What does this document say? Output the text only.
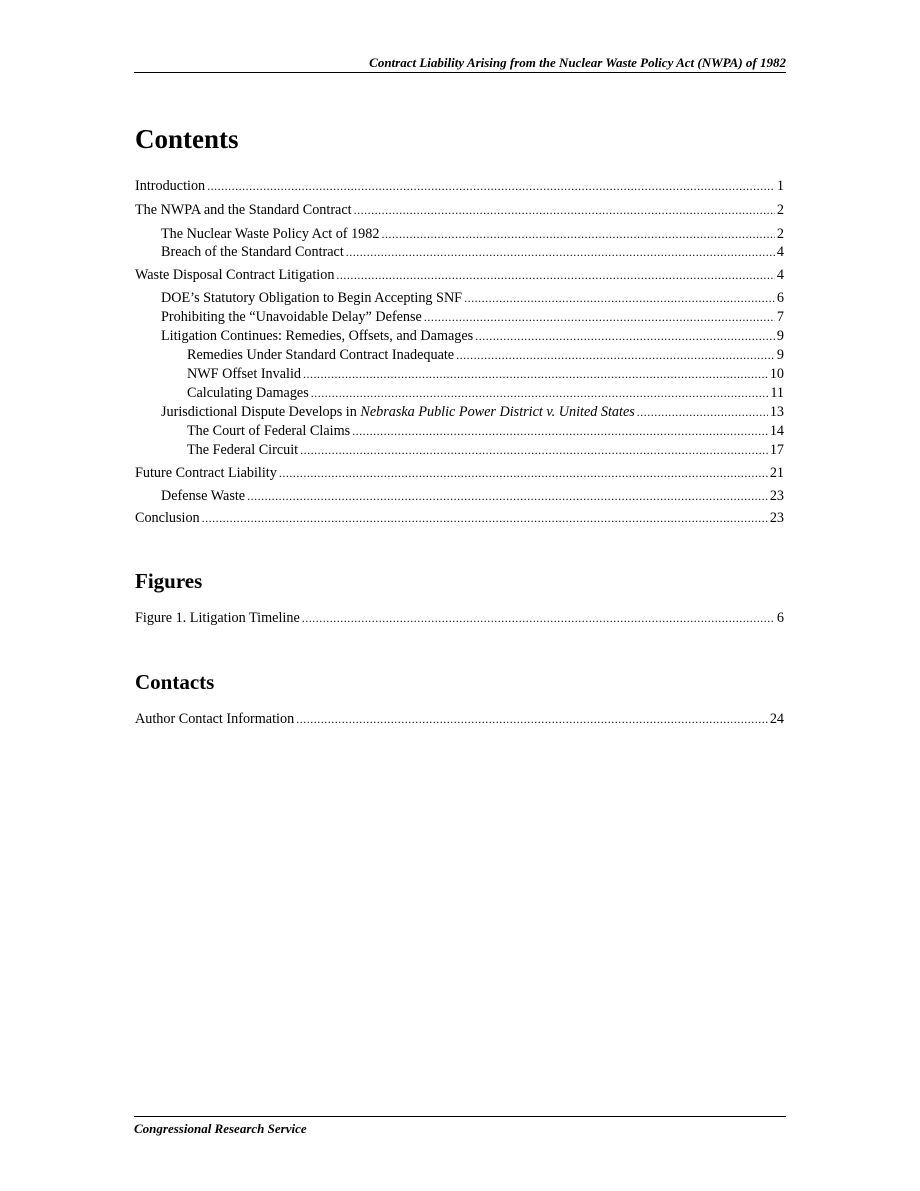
Contract Liability Arising from the Nuclear Waste Policy Act (NWPA) of 1982
Contents
Introduction .....	1
The NWPA and the Standard Contract .....	2
The Nuclear Waste Policy Act of 1982 .....	2
Breach of the Standard Contract .....	4
Waste Disposal Contract Litigation .....	4
DOE’s Statutory Obligation to Begin Accepting SNF .....	6
Prohibiting the “Unavoidable Delay” Defense .....	7
Litigation Continues: Remedies, Offsets, and Damages .....	9
Remedies Under Standard Contract Inadequate .....	9
NWF Offset Invalid .....	10
Calculating Damages .....	11
Jurisdictional Dispute Develops in Nebraska Public Power District v. United States .....	13
The Court of Federal Claims .....	14
The Federal Circuit .....	17
Future Contract Liability .....	21
Defense Waste .....	23
Conclusion .....	23
Figures
Figure 1. Litigation Timeline .....	6
Contacts
Author Contact Information .....	24
Congressional Research Service
